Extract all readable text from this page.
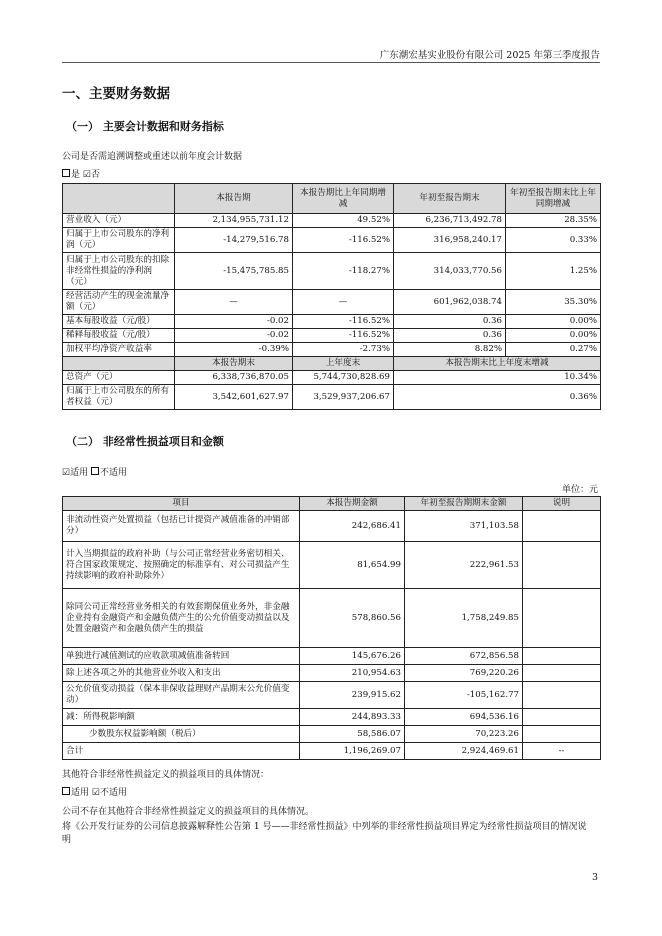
广东潮宏基实业股份有限公司 2025 年第三季度报告
一、主要财务数据
（一） 主要会计数据和财务指标
公司是否需追溯调整或重述以前年度会计数据
是 ☑否
	本报告期	本报告期比上年同期增减	年初至报告期末	年初至报告期末比上年同期增减
营业收入（元）	2,134,955,731.12	49.52%	6,236,713,492.78	28.35%
归属于上市公司股东的净利润（元）	-14,279,516.78	-116.52%	316,958,240.17	0.33%
归属于上市公司股东的扣除非经常性损益的净利润（元）	-15,475,785.85	-118.27%	314,033,770.56	1.25%
经营活动产生的现金流量净额（元）	—	—	601,962,038.74	35.30%
基本每股收益（元/股）	-0.02	-116.52%	0.36	0.00%
稀释每股收益（元/股）	-0.02	-116.52%	0.36	0.00%
加权平均净资产收益率	-0.39%	-2.73%	8.82%	0.27%
	本报告期末	上年度末	本报告期末比上年度末增减	
总资产（元）	6,338,736,870.05	5,744,730,828.69	10.34%	
归属于上市公司股东的所有者权益（元）	3,542,601,627.97	3,529,937,206.67	0.36%	
（二） 非经常性损益项目和金额
☑适用 不适用
单位：元
项目	本报告期金额	年初至报告期期末金额	说明
非流动性资产处置损益（包括已计提资产减值准备的冲销部分）	242,686.41	371,103.58	
计入当期损益的政府补助（与公司正常经营业务密切相关、符合国家政策规定、按照确定的标准享有、对公司损益产生持续影响的政府补助除外）	81,654.99	222,961.53	
除同公司正常经营业务相关的有效套期保值业务外，非金融企业持有金融资产和金融负债产生的公允价值变动损益以及处置金融资产和金融负债产生的损益	578,860.56	1,758,249.85	
单独进行减值测试的应收款项减值准备转回	145,676.26	672,856.58	
除上述各项之外的其他营业外收入和支出	210,954.63	769,220.26	
公允价值变动损益（保本非保收益理财产品期末公允价值变动）	239,915.62	-105,162.77	
减：所得税影响额	244,893.33	694,536.16	
少数股东权益影响额（税后）	58,586.07	70,223.26	
合计	1,196,269.07	2,924,469.61	--
其他符合非经常性损益定义的损益项目的具体情况：
适用 ☑不适用
公司不存在其他符合非经常性损益定义的损益项目的具体情况。
将《公开发行证券的公司信息披露解释性公告第 1 号——非经常性损益》中列举的非经常性损益项目界定为经常性损益项目的情况说明
3
